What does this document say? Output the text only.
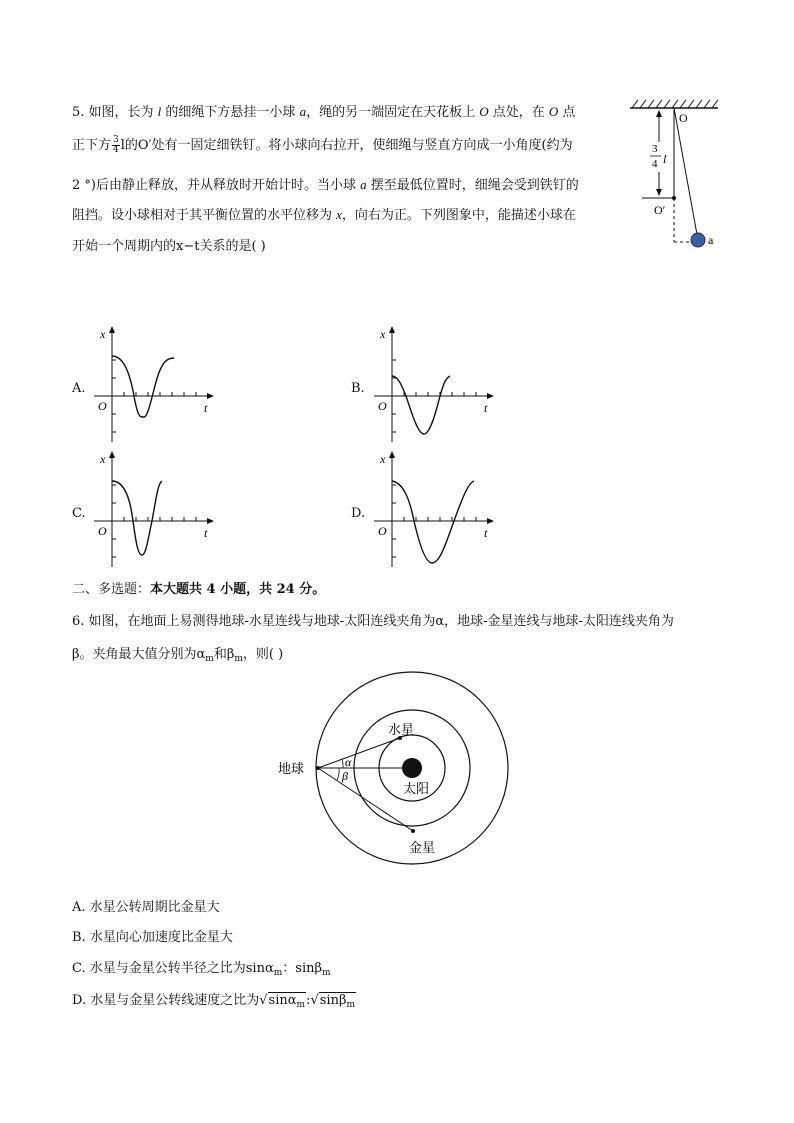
5. 如图，长为 l 的细绳下方悬挂一小球 a，绳的另一端固定在天花板上 O 点处，在 O 点
正下方 $\frac{3}{4}$ l的O′处有一固定细铁钉。将小球向右拉开，使细绳与竖直方向成一小角度(约为
2 °)后由静止释放，并从释放时开始计时。当小球 a 摆至最低位置时，细绳会受到铁钉的
阻挡。设小球相对于其平衡位置的水平位移为 x，向右为正。下列图象中，能描述小球在
开始一个周期内的x−t关系的是( )
O
O′
3
4 l
a
A.
x
O	t
B.
x
O	t
C.
x
O	t
D.
x
O	t
二、多选题：本大题共 4 小题，共 24 分。
6. 如图，在地面上易测得地球-水星连线与地球-太阳连线夹角为α，地球-金星连线与地球-太阳连线夹角为
β。夹角最大值分别为$\alpha_m$和$\beta_m$，则( )
α
β
地球
水星
太阳
金星
A. 水星公转周期比金星大
B. 水星向心加速度比金星大
C. 水星与金星公转半径之比为sinα$_m$：sinβ$_m$
D. 水星与金星公转线速度之比为√sinα$_m$:√sinβ$_m$
